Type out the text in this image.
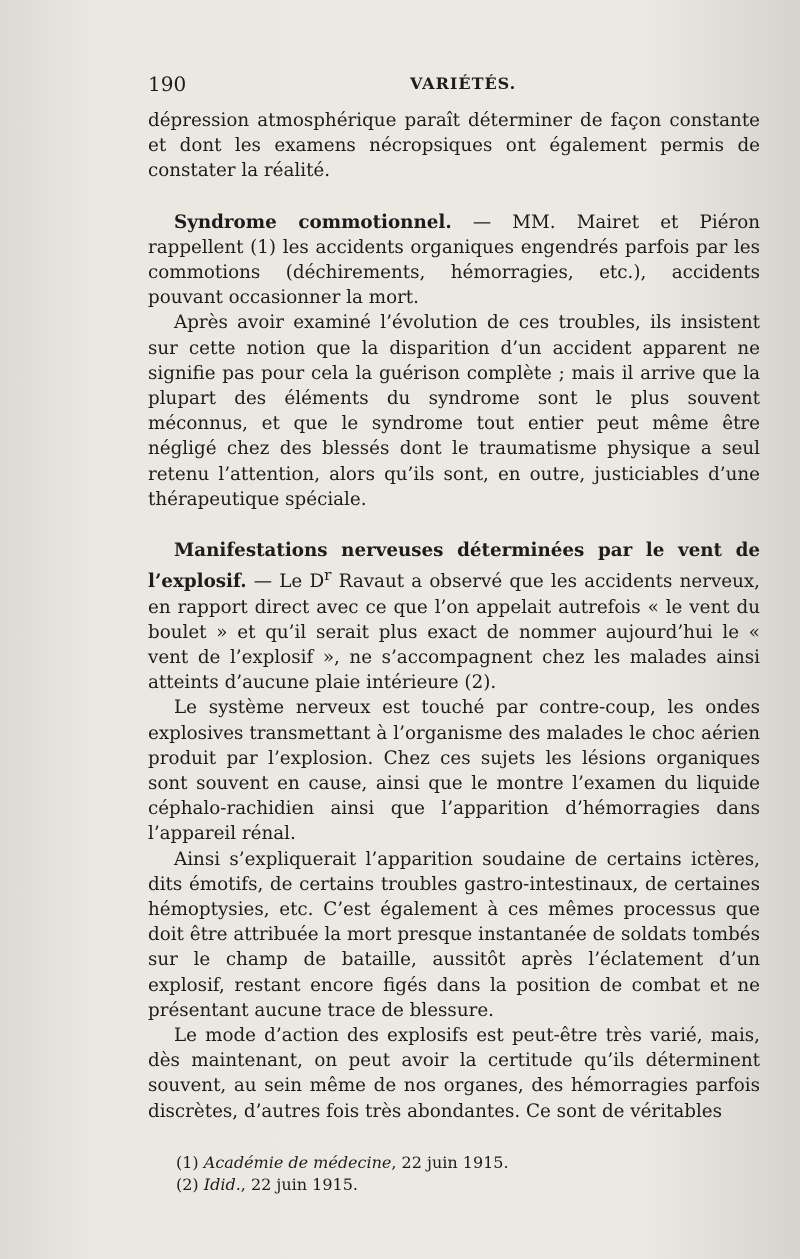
190	VARIÉTÉS.

dépression atmosphérique paraît déterminer de façon constante et dont les examens nécropsiques ont également permis de constater la réalité.

Syndrome commotionnel. — MM. Mairet et Piéron rappellent (1) les accidents organiques engendrés parfois par les commotions (déchirements, hémorragies, etc.), accidents pouvant occasionner la mort.

Après avoir examiné l’évolution de ces troubles, ils insistent sur cette notion que la disparition d’un accident apparent ne signifie pas pour cela la guérison complète ; mais il arrive que la plupart des éléments du syndrome sont le plus souvent méconnus, et que le syndrome tout entier peut même être négligé chez des blessés dont le traumatisme physique a seul retenu l’attention, alors qu’ils sont, en outre, justiciables d’une thérapeutique spéciale.

Manifestations nerveuses déterminées par le vent de l’explosif. — Le $D^r$ Ravaut a observé que les accidents nerveux, en rapport direct avec ce que l’on appelait autrefois « le vent du boulet » et qu’il serait plus exact de nommer aujourd’hui le « vent de l’explosif », ne s’accompagnent chez les malades ainsi atteints d’aucune plaie intérieure (2).

Le système nerveux est touché par contre-coup, les ondes explosives transmettant à l’organisme des malades le choc aérien produit par l’explosion. Chez ces sujets les lésions organiques sont souvent en cause, ainsi que le montre l’examen du liquide céphalo-rachidien ainsi que l’apparition d’hémorragies dans l’appareil rénal.

Ainsi s’expliquerait l’apparition soudaine de certains ictères, dits émotifs, de certains troubles gastro-intestinaux, de certaines hémoptysies, etc. C’est également à ces mêmes processus que doit être attribuée la mort presque instantanée de soldats tombés sur le champ de bataille, aussitôt après l’éclatement d’un explosif, restant encore figés dans la position de combat et ne présentant aucune trace de blessure.

Le mode d’action des explosifs est peut-être très varié, mais, dès maintenant, on peut avoir la certitude qu’ils déterminent souvent, au sein même de nos organes, des hémorragies parfois discrètes, d’autres fois très abondantes. Ce sont de véritables

(1) Académie de médecine, 22 juin 1915.

(2) Idid., 22 juin 1915.
